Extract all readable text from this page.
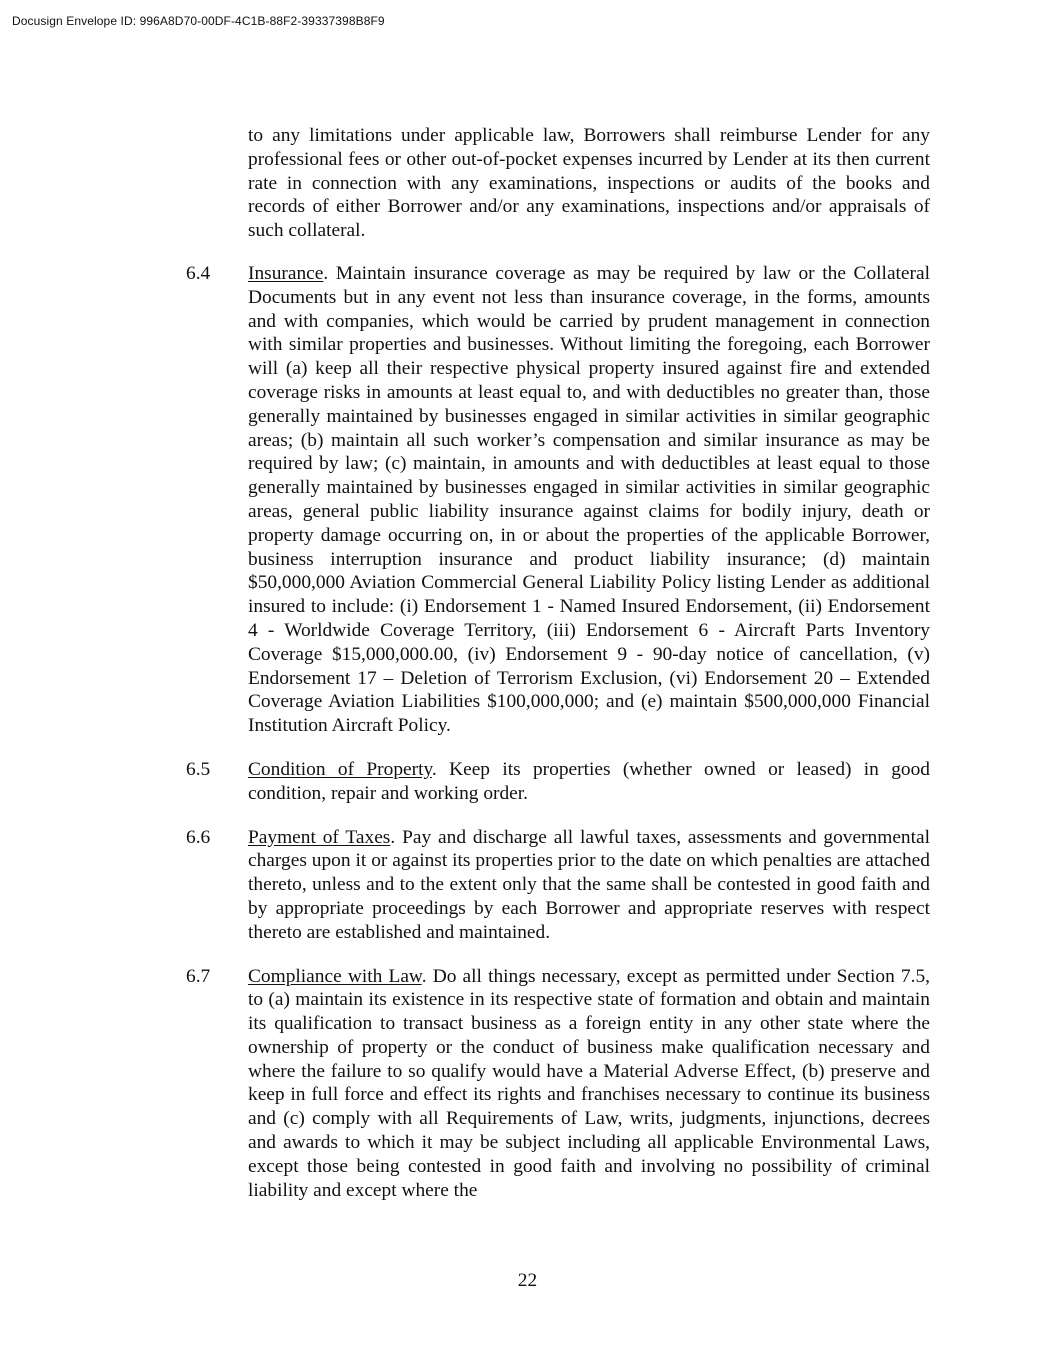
Docusign Envelope ID: 996A8D70-00DF-4C1B-88F2-39337398B8F9

to any limitations under applicable law, Borrowers shall reimburse Lender for any professional fees or other out-of-pocket expenses incurred by Lender at its then current rate in connection with any examinations, inspections or audits of the books and records of either Borrower and/or any examinations, inspections and/or appraisals of such collateral.

6.4	Insurance. Maintain insurance coverage as may be required by law or the Collateral Documents but in any event not less than insurance coverage, in the forms, amounts and with companies, which would be carried by prudent management in connection with similar properties and businesses. Without limiting the foregoing, each Borrower will (a) keep all their respective physical property insured against fire and extended coverage risks in amounts at least equal to, and with deductibles no greater than, those generally maintained by businesses engaged in similar activities in similar geographic areas; (b) maintain all such worker’s compensation and similar insurance as may be required by law; (c) maintain, in amounts and with deductibles at least equal to those generally maintained by businesses engaged in similar activities in similar geographic areas, general public liability insurance against claims for bodily injury, death or property damage occurring on, in or about the properties of the applicable Borrower, business interruption insurance and product liability insurance; (d) maintain $50,000,000 Aviation Commercial General Liability Policy listing Lender as additional insured to include: (i) Endorsement 1 - Named Insured Endorsement, (ii) Endorsement 4 - Worldwide Coverage Territory, (iii) Endorsement 6 - Aircraft Parts Inventory Coverage $15,000,000.00, (iv) Endorsement 9 - 90-day notice of cancellation, (v) Endorsement 17 – Deletion of Terrorism Exclusion, (vi) Endorsement 20 – Extended Coverage Aviation Liabilities $100,000,000; and (e) maintain $500,000,000 Financial Institution Aircraft Policy.
6.5	Condition of Property. Keep its properties (whether owned or leased) in good condition, repair and working order.
6.6	Payment of Taxes. Pay and discharge all lawful taxes, assessments and governmental charges upon it or against its properties prior to the date on which penalties are attached thereto, unless and to the extent only that the same shall be contested in good faith and by appropriate proceedings by each Borrower and appropriate reserves with respect thereto are established and maintained.
6.7	Compliance with Law. Do all things necessary, except as permitted under Section 7.5, to (a) maintain its existence in its respective state of formation and obtain and maintain its qualification to transact business as a foreign entity in any other state where the ownership of property or the conduct of business make qualification necessary and where the failure to so qualify would have a Material Adverse Effect, (b) preserve and keep in full force and effect its rights and franchises necessary to continue its business and (c) comply with all Requirements of Law, writs, judgments, injunctions, decrees and awards to which it may be subject including all applicable Environmental Laws, except those being contested in good faith and involving no possibility of criminal liability and except where the
22
